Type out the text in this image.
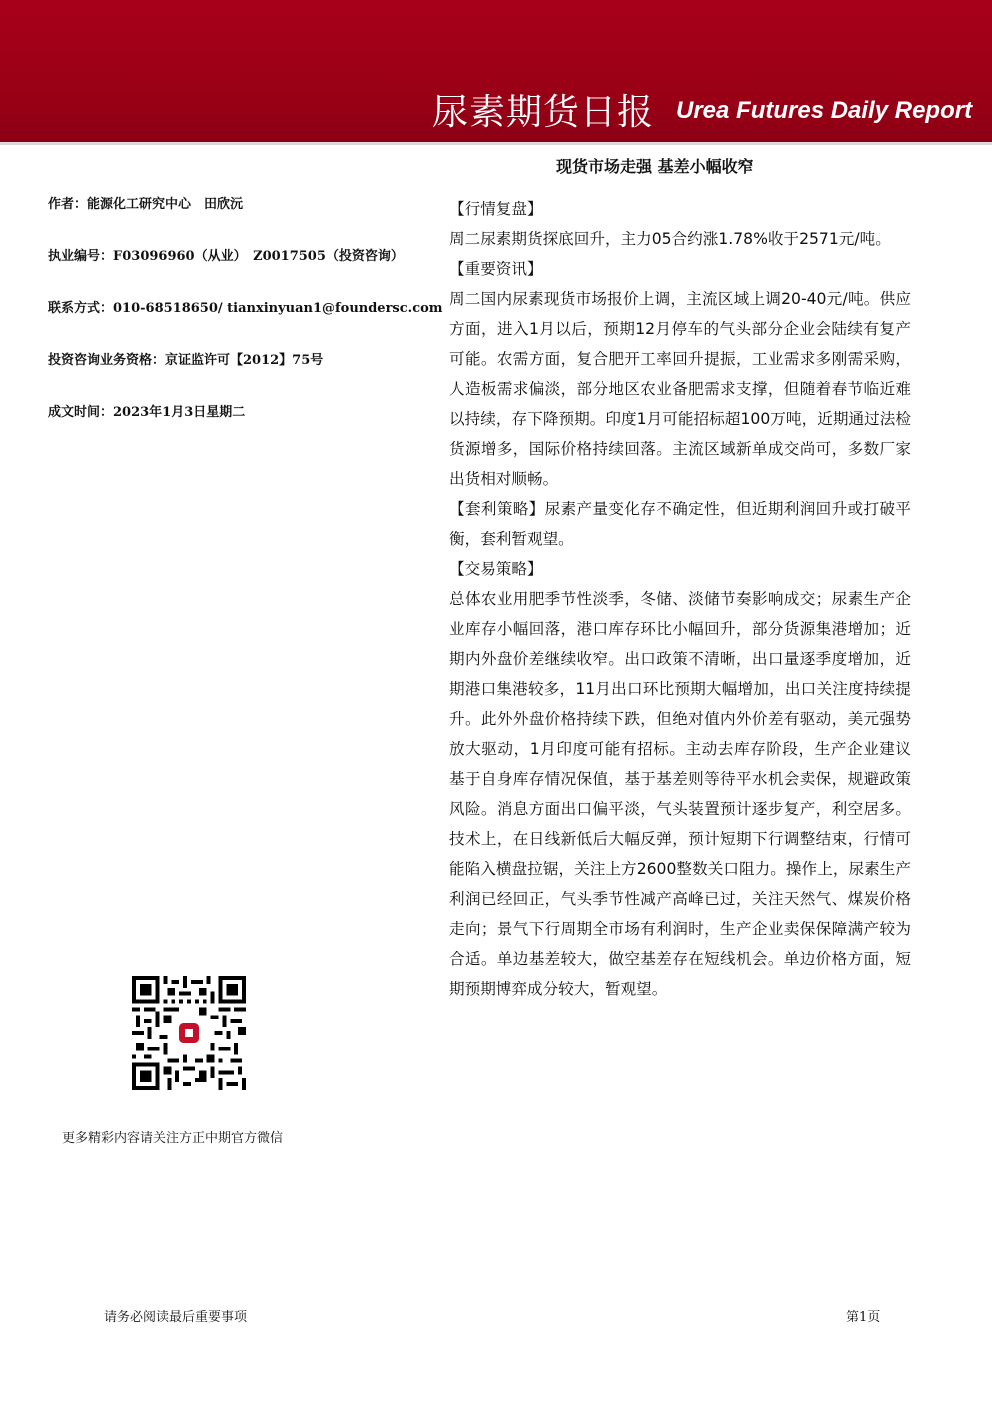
尿素期货日报 Urea Futures Daily Report
现货市场走强 基差小幅收窄
作者：能源化工研究中心　田欣沅
执业编号：F03096960（从业）　Z0017505（投资咨询）
联系方式：010-68518650/ tianxinyuan1@foundersc.com
投资咨询业务资格：京证监许可【2012】75号
成文时间：2023年1月3日星期二

【行情复盘】

周二尿素期货探底回升，主力05合约涨1.78%收于2571元/吨。

【重要资讯】

周二国内尿素现货市场报价上调，主流区域上调20-40元/吨。供应方面，进入1月以后，预期12月停车的气头部分企业会陆续有复产可能。农需方面，复合肥开工率回升提振，工业需求多刚需采购，人造板需求偏淡，部分地区农业备肥需求支撑，但随着春节临近难以持续，存下降预期。印度1月可能招标超100万吨，近期通过法检货源增多，国际价格持续回落。主流区域新单成交尚可，多数厂家出货相对顺畅。

【套利策略】尿素产量变化存不确定性，但近期利润回升或打破平衡，套利暂观望。

【交易策略】

总体农业用肥季节性淡季，冬储、淡储节奏影响成交；尿素生产企业库存小幅回落，港口库存环比小幅回升，部分货源集港增加；近期内外盘价差继续收窄。出口政策不清晰，出口量逐季度增加，近期港口集港较多，11月出口环比预期大幅增加，出口关注度持续提升。此外外盘价格持续下跌，但绝对值内外价差有驱动，美元强势放大驱动，1月印度可能有招标。主动去库存阶段，生产企业建议基于自身库存情况保值，基于基差则等待平水机会卖保，规避政策风险。消息方面出口偏平淡，气头装置预计逐步复产，利空居多。技术上，在日线新低后大幅反弹，预计短期下行调整结束，行情可能陷入横盘拉锯，关注上方2600整数关口阻力。操作上，尿素生产利润已经回正，气头季节性减产高峰已过，关注天然气、煤炭价格走向；景气下行周期全市场有利润时，生产企业卖保保障满产较为合适。单边基差较大，做空基差存在短线机会。单边价格方面，短期预期博弈成分较大，暂观望。

更多精彩内容请关注方正中期官方微信
请务必阅读最后重要事项	第1页
